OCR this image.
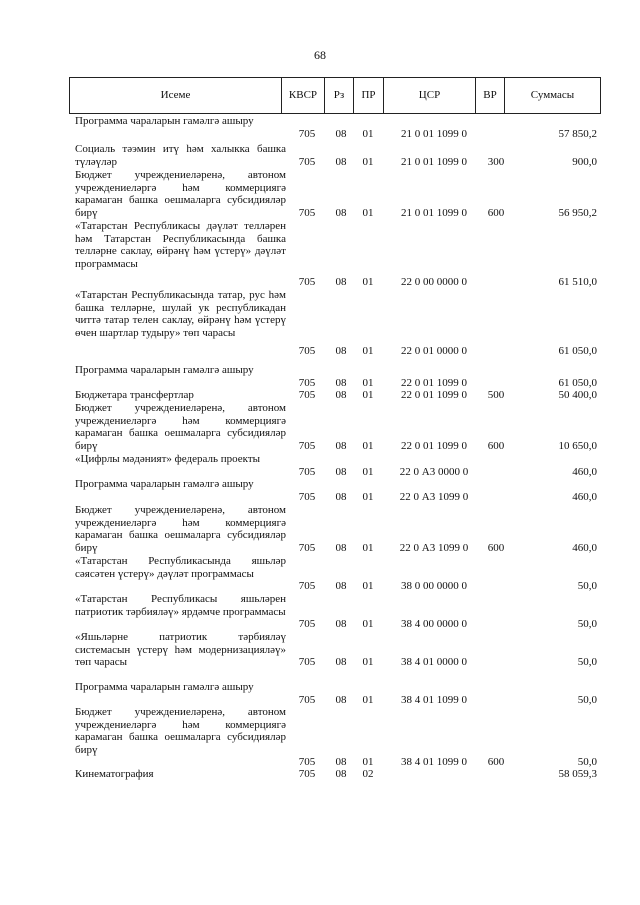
68
Исеме	КВСР	Рз	ПР	ЦСР	ВР	Суммасы
Программа чараларын гамәлгә ашыру
705	08	01	21 0 01 1099 0	57 850,2
Социаль тәэмин итү һәм халыкка башка түләүләр	705	08	01	21 0 01 1099 0	300	900,0
Бюджет учреждениеләренә, автоном учреждениеләргә һәм коммерциягә карамаган башка оешмаларга субсидияләр бирү	705	08	01	21 0 01 1099 0	600	56 950,2
«Татарстан Республикасы дәүләт телләрен һәм Татарстан Республикасында башка телләрне саклау, өйрәнү һәм үстерү» дәүләт программасы
705	08	01	22 0 00 0000 0	61 510,0
«Татарстан Республикасында татар, рус һәм башка телләрне, шулай ук республикадан читтә татар телен саклау, өйрәнү һәм үстерү өчен шартлар тудыру» төп чарасы
705	08	01	22 0 01 0000 0	61 050,0
Программа чараларын гамәлгә ашыру
705	08	01	22 0 01 1099 0	61 050,0
Бюджетара трансфертлар	705	08	01	22 0 01 1099 0	500	50 400,0
Бюджет учреждениеләренә, автоном учреждениеләргә һәм коммерциягә карамаган башка оешмаларга субсидияләр бирү	705	08	01	22 0 01 1099 0	600	10 650,0
«Цифрлы мәдәният» федераль проекты
705	08	01	22 0 А3 0000 0	460,0
Программа чараларын гамәлгә ашыру
705	08	01	22 0 А3 1099 0	460,0
Бюджет учреждениеләренә, автоном учреждениеләргә һәм коммерциягә карамаган башка оешмаларга субсидияләр бирү	705	08	01	22 0 А3 1099 0	600	460,0
«Татарстан Республикасында яшьләр сәясәтен үстерү» дәүләт программасы
705	08	01	38 0 00 0000 0	50,0
«Татарстан Республикасы яшьләрен патриотик тәрбияләү» ярдәмче программасы
705	08	01	38 4 00 0000 0	50,0
«Яшьләрне патриотик тәрбияләү системасын үстерү һәм модернизацияләү» төп чарасы	705	08	01	38 4 01 0000 0	50,0
Программа чараларын гамәлгә ашыру
705	08	01	38 4 01 1099 0	50,0
Бюджет учреждениеләренә, автоном учреждениеләргә һәм коммерциягә карамаган башка оешмаларга субсидияләр бирү
705	08	01	38 4 01 1099 0	600	50,0
Кинематография	705	08	02	58 059,3
